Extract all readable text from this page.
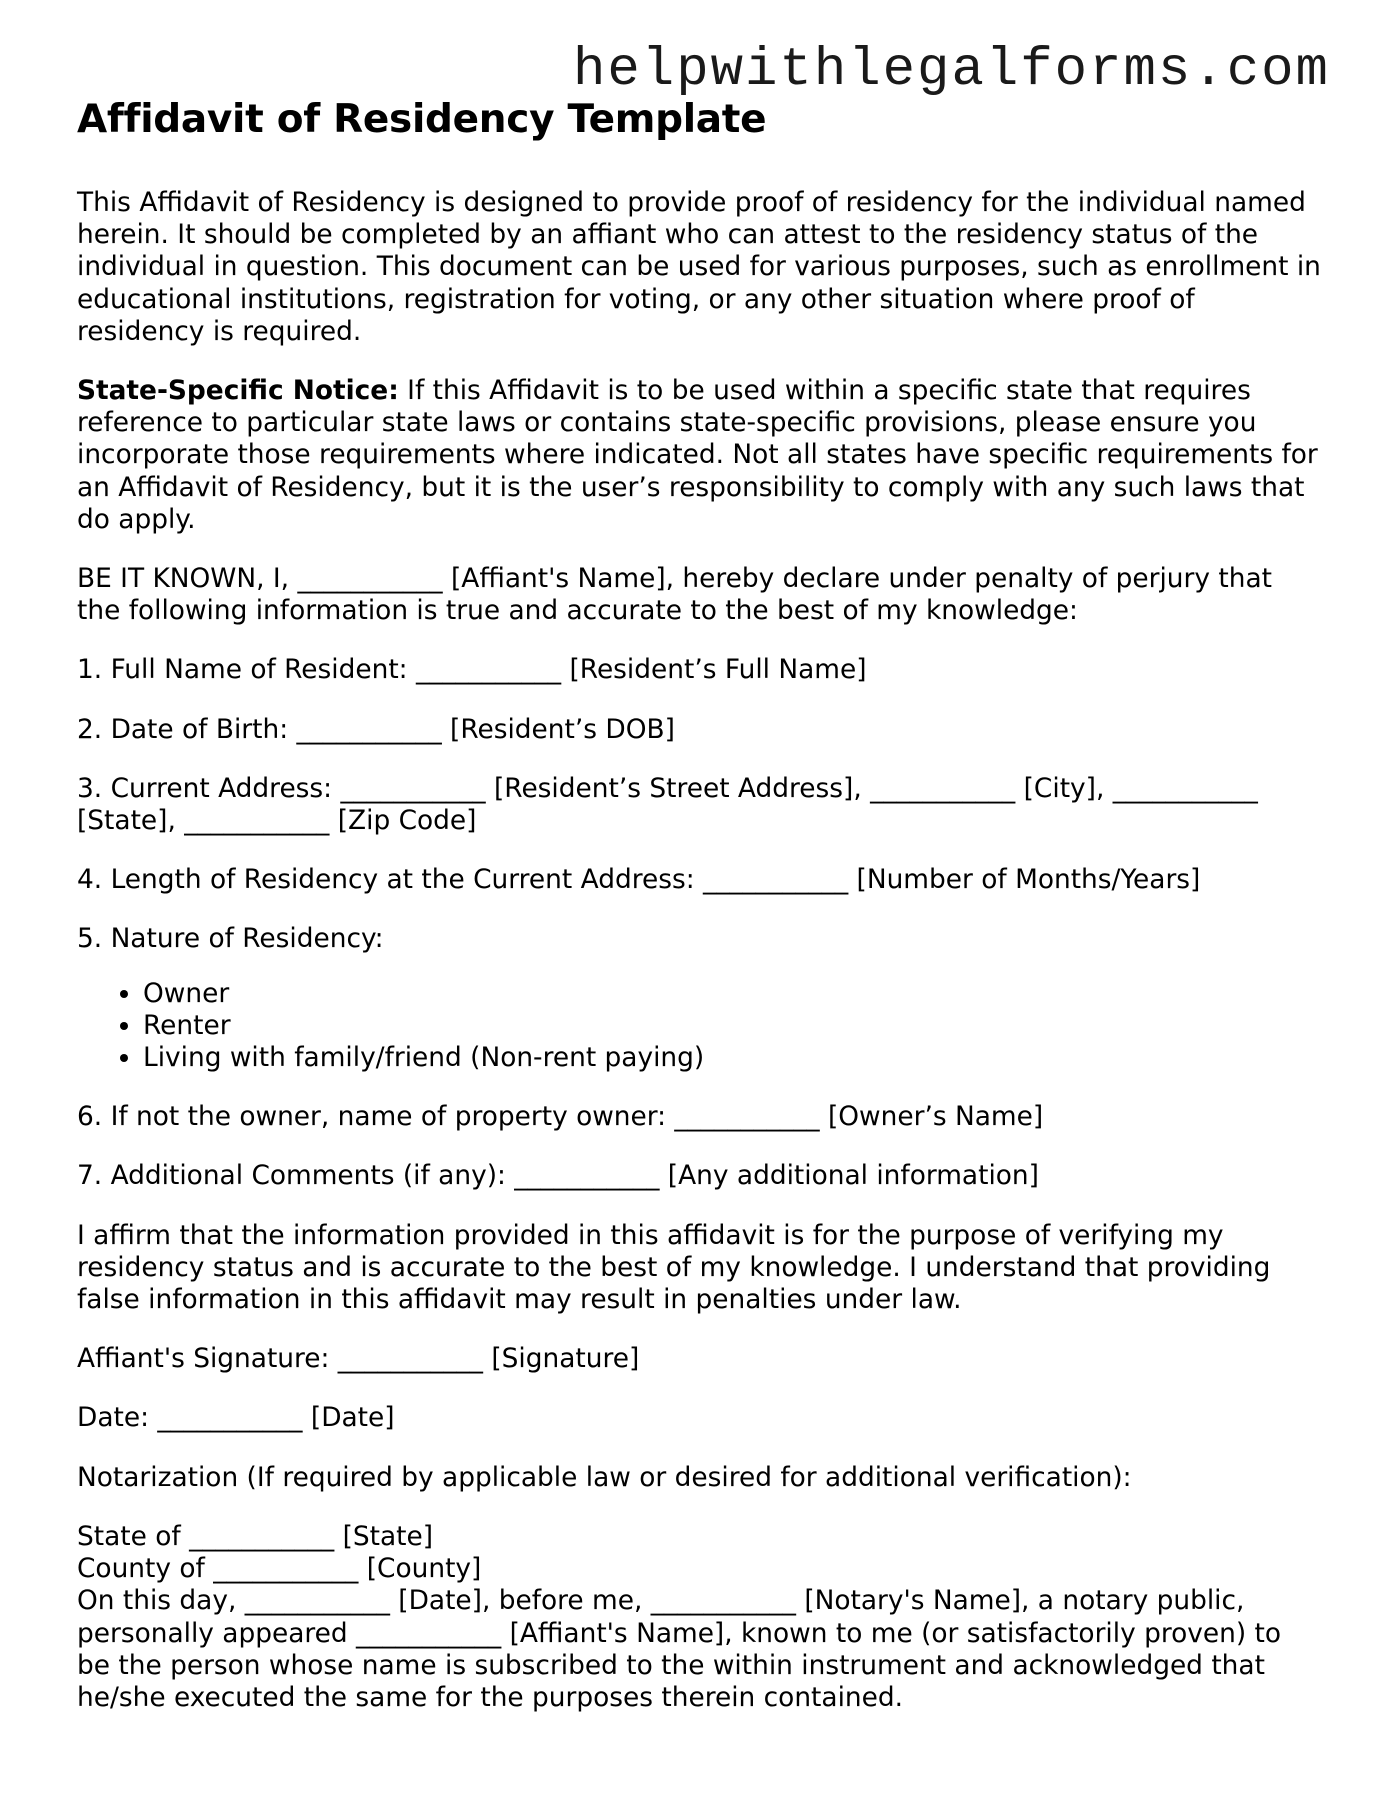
helpwithlegalforms.com
Affidavit of Residency Template

This Affidavit of Residency is designed to provide proof of residency for the individual named herein. It should be completed by an affiant who can attest to the residency status of the individual in question. This document can be used for various purposes, such as enrollment in educational institutions, registration for voting, or any other situation where proof of residency is required.

State-Specific Notice: If this Affidavit is to be used within a specific state that requires reference to particular state laws or contains state-specific provisions, please ensure you incorporate those requirements where indicated. Not all states have specific requirements for an Affidavit of Residency, but it is the user’s responsibility to comply with any such laws that do apply.

BE IT KNOWN, I, ___________ [Affiant's Name], hereby declare under penalty of perjury that the following information is true and accurate to the best of my knowledge:

1. Full Name of Resident: ___________ [Resident’s Full Name]

2. Date of Birth: ___________ [Resident’s DOB]

3. Current Address: ___________ [Resident’s Street Address], ___________ [City], ___________ [State], ___________ [Zip Code]

4. Length of Residency at the Current Address: ___________ [Number of Months/Years]

5. Nature of Residency:

• Owner
• Renter
• Living with family/friend (Non-rent paying)

6. If not the owner, name of property owner: ___________ [Owner’s Name]

7. Additional Comments (if any): ___________ [Any additional information]

I affirm that the information provided in this affidavit is for the purpose of verifying my residency status and is accurate to the best of my knowledge. I understand that providing false information in this affidavit may result in penalties under law.

Affiant's Signature: ___________ [Signature]

Date: ___________ [Date]

Notarization (If required by applicable law or desired for additional verification):

State of ___________ [State]

County of ___________ [County]

On this day, ___________ [Date], before me, ___________ [Notary's Name], a notary public, personally appeared ___________ [Affiant's Name], known to me (or satisfactorily proven) to be the person whose name is subscribed to the within instrument and acknowledged that he/she executed the same for the purposes therein contained.
